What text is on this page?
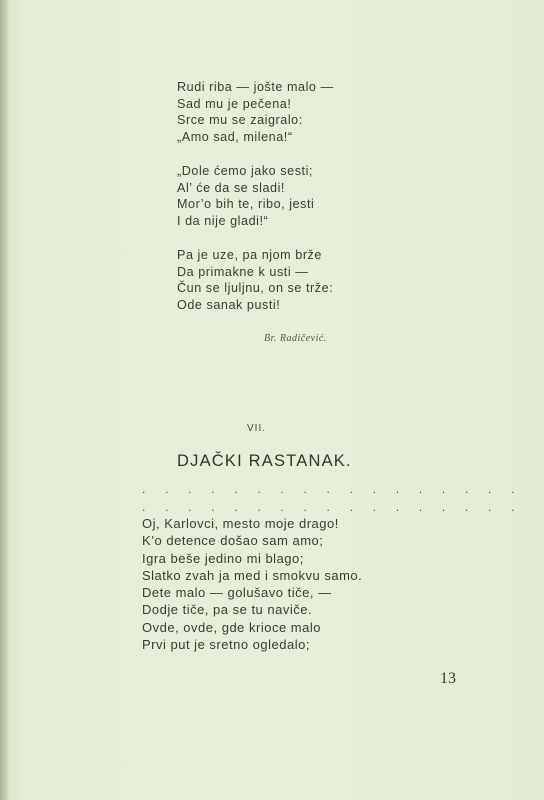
Rudi riba — jošte malo —
Sad mu je pečena!
Srce mu se zaigralo:
„Amo sad, milena!“
„Dole ćemo jako sesti;
Al’ će da se sladi!
Mor’o bih te, ribo, jesti
I da nije gladi!“
Pa je uze, pa njom brže
Da primakne k usti —
Čun se ljuljnu, on se trže:
Ode sanak pusti!
Br. Radičević.
VII.
DJAČKI RASTANAK.
. . . . . . . . . . . . . . . . .
. . . . . . . . . . . . . . . . .
Oj, Karlovci, mesto moje drago!
K’o detence došao sam amo;
Igra beše jedino mi blago;
Slatko zvah ja med i smokvu samo.
Dete malo — golušavo tiče, —
Dodje tiče, pa se tu naviče.
Ovde, ovde, gde krioce malo
Prvi put je sretno ogledalo;
13
